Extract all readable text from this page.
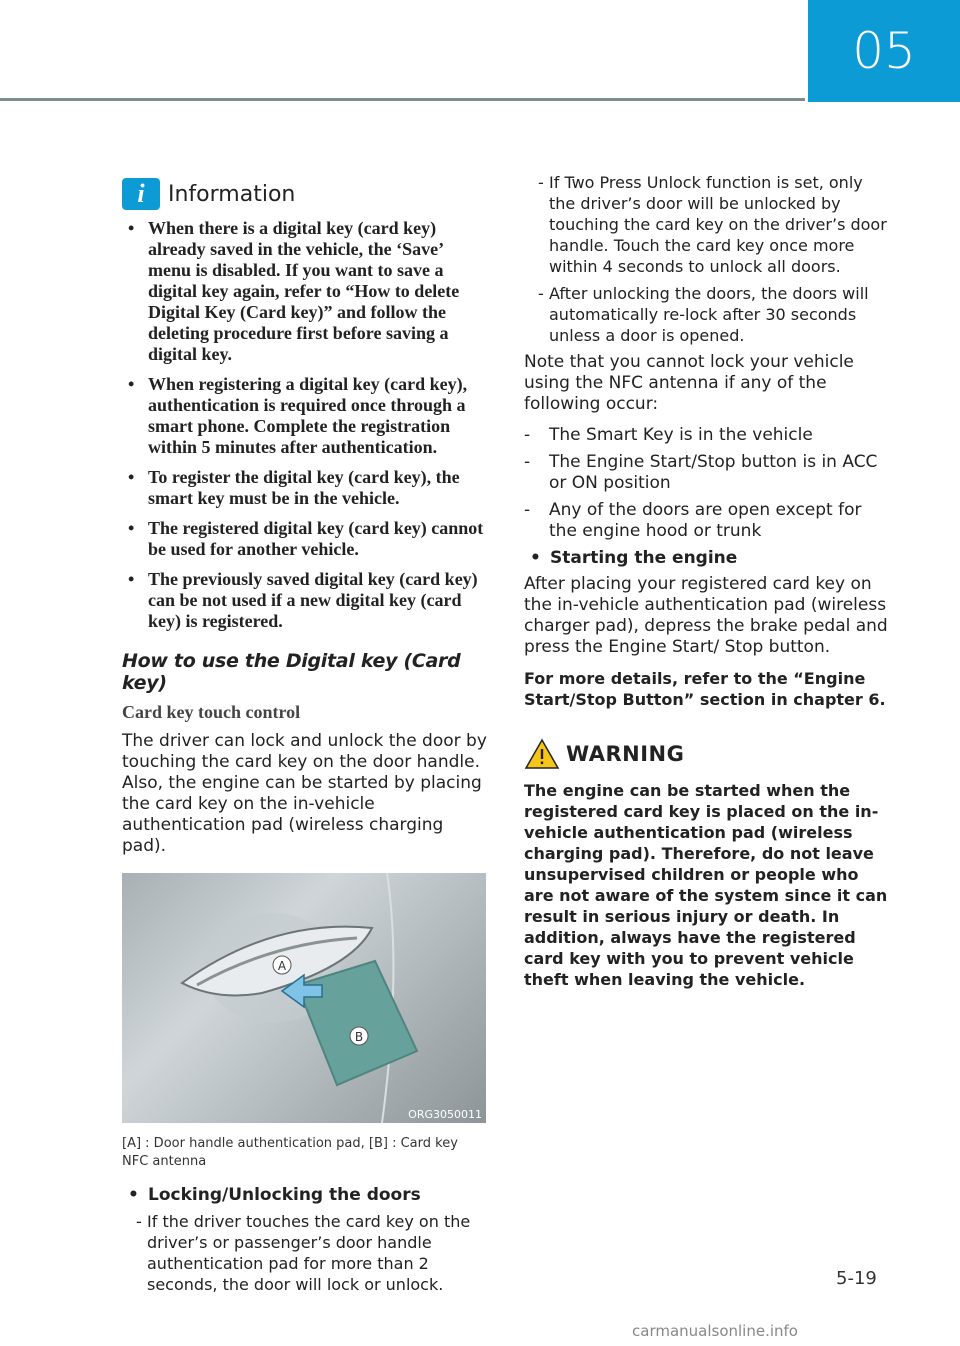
05
i	Information
• When there is a digital key (card key) already saved in the vehicle, the ‘Save’ menu is disabled. If you want to save a digital key again, refer to “How to delete Digital Key (Card key)” and follow the deleting procedure first before saving a digital key.
• When registering a digital key (card key), authentication is required once through a smart phone. Complete the registration within 5 minutes after authentication.
• To register the digital key (card key), the smart key must be in the vehicle.
• The registered digital key (card key) cannot be used for another vehicle.
• The previously saved digital key (card key) can be not used if a new digital key (card key) is registered.
How to use the Digital key (Card key)
Card key touch control

The driver can lock and unlock the door by touching the card key on the door handle. Also, the engine can be started by placing the card key on the in-vehicle authentication pad (wireless charging pad).

A
B
ORG3050011
[A] : Door handle authentication pad, [B] : Card key NFC antenna
• Locking/Unlocking the doors
- If the driver touches the card key on the driver’s or passenger’s door handle authentication pad for more than 2 seconds, the door will lock or unlock.
- If Two Press Unlock function is set, only the driver’s door will be unlocked by touching the card key on the driver’s door handle. Touch the card key once more within 4 seconds to unlock all doors.
- After unlocking the doors, the doors will automatically re-lock after 30 seconds unless a door is opened.

Note that you cannot lock your vehicle using the NFC antenna if any of the following occur:

- The Smart Key is in the vehicle
- The Engine Start/Stop button is in ACC or ON position
- Any of the doors are open except for the engine hood or trunk
• Starting the engine

After placing your registered card key on the in-vehicle authentication pad (wireless charger pad), depress the brake pedal and press the Engine Start/ Stop button.

For more details, refer to the “Engine Start/Stop Button” section in chapter 6.

WARNING
The engine can be started when the registered card key is placed on the in-vehicle authentication pad (wireless charging pad). Therefore, do not leave unsupervised children or people who are not aware of the system since it can result in serious injury or death. In addition, always have the registered card key with you to prevent vehicle theft when leaving the vehicle.
5-19
carmanualsonline.info
